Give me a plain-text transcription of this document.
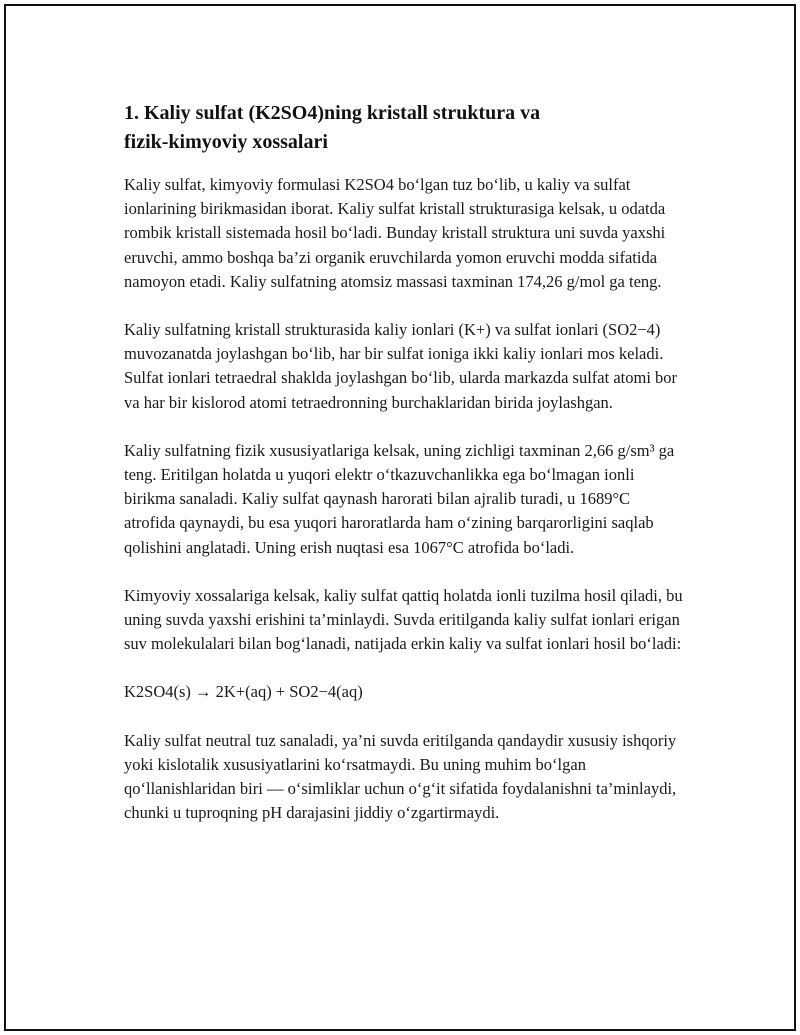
1. Kaliy sulfat (K2SO4)ning kristall struktura va
fizik-kimyoviy xossalari

Kaliy sulfat, kimyoviy formulasi K2SO4 bo‘lgan tuz bo‘lib, u kaliy va sulfat ionlarining birikmasidan iborat. Kaliy sulfat kristall strukturasiga kelsak, u odatda rombik kristall sistemada hosil bo‘ladi. Bunday kristall struktura uni suvda yaxshi eruvchi, ammo boshqa ba’zi organik eruvchilarda yomon eruvchi modda sifatida namoyon etadi. Kaliy sulfatning atomsiz massasi taxminan 174,26 g/mol ga teng.

Kaliy sulfatning kristall strukturasida kaliy ionlari (K+) va sulfat ionlari (SO2−4) muvozanatda joylashgan bo‘lib, har bir sulfat ioniga ikki kaliy ionlari mos keladi. Sulfat ionlari tetraedral shaklda joylashgan bo‘lib, ularda markazda sulfat atomi bor va har bir kislorod atomi tetraedronning burchaklaridan birida joylashgan.

Kaliy sulfatning fizik xususiyatlariga kelsak, uning zichligi taxminan 2,66 g/sm³ ga teng. Eritilgan holatda u yuqori elektr o‘tkazuvchanlikka ega bo‘lmagan ionli birikma sanaladi. Kaliy sulfat qaynash harorati bilan ajralib turadi, u 1689°C atrofida qaynaydi, bu esa yuqori haroratlarda ham o‘zining barqarorligini saqlab qolishini anglatadi. Uning erish nuqtasi esa 1067°C atrofida bo‘ladi.

Kimyoviy xossalariga kelsak, kaliy sulfat qattiq holatda ionli tuzilma hosil qiladi, bu uning suvda yaxshi erishini ta’minlaydi. Suvda eritilganda kaliy sulfat ionlari erigan suv molekulalari bilan bog‘lanadi, natijada erkin kaliy va sulfat ionlari hosil bo‘ladi:

K2SO4(s) → 2K+(aq) + SO2−4(aq)

Kaliy sulfat neutral tuz sanaladi, ya’ni suvda eritilganda qandaydir xususiy ishqoriy yoki kislotalik xususiyatlarini ko‘rsatmaydi. Bu uning muhim bo‘lgan qo‘llanishlaridan biri — o‘simliklar uchun o‘g‘it sifatida foydalanishni ta’minlaydi, chunki u tuproqning pH darajasini jiddiy o‘zgartirmaydi.
